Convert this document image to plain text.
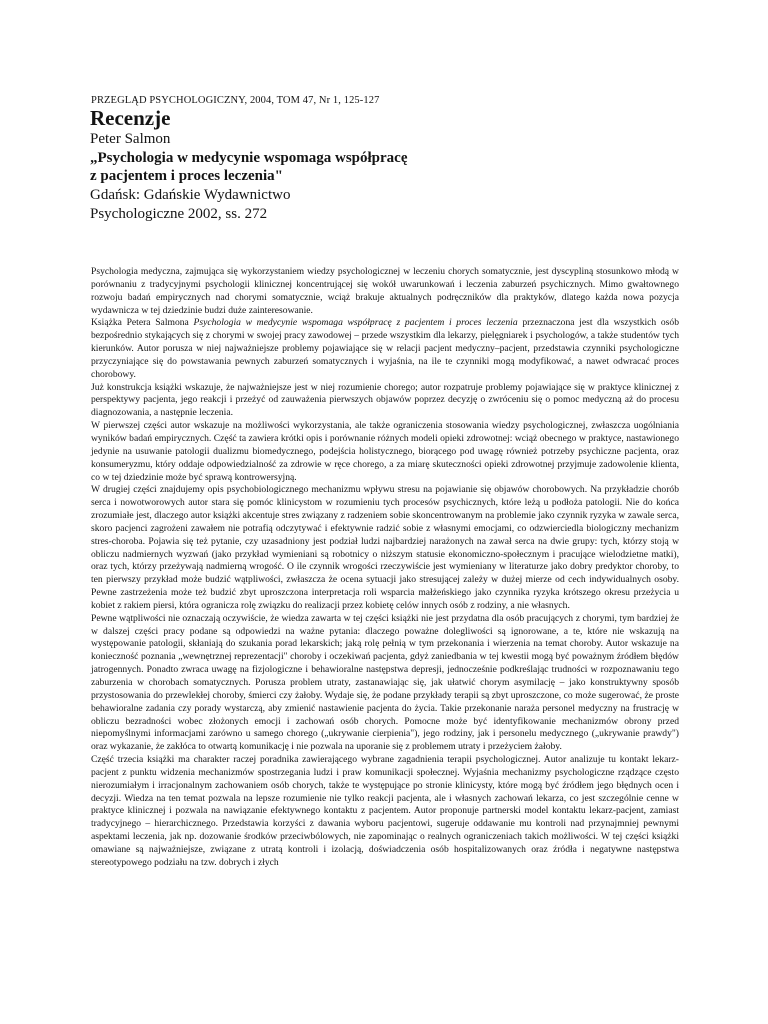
PRZEGLĄD PSYCHOLOGICZNY, 2004, TOM 47, Nr 1, 125-127
Recenzje
Peter Salmon
„Psychologia w medycynie wspomaga współpracę
z pacjentem i proces leczenia"
Gdańsk: Gdańskie Wydawnictwo
Psychologiczne 2002, ss. 272

Psychologia medyczna, zajmująca się wykorzystaniem wiedzy psychologicznej w leczeniu chorych somatycznie, jest dyscypliną stosunkowo młodą w porównaniu z tradycyjnymi psychologii klinicznej koncentrującej się wokół uwarunkowań i leczenia zaburzeń psychicznych. Mimo gwałtownego rozwoju badań empirycznych nad chorymi somatycznie, wciąż brakuje aktualnych podręczników dla praktyków, dlatego każda nowa pozycja wydawnicza w tej dziedzinie budzi duże zainteresowanie.

Książka Petera Salmona Psychologia w medycynie wspomaga współpracę z pacjentem i proces leczenia przeznaczona jest dla wszystkich osób bezpośrednio stykających się z chorymi w swojej pracy zawodowej – przede wszystkim dla lekarzy, pielęgniarek i psychologów, a także studentów tych kierunków. Autor porusza w niej najważniejsze problemy pojawiające się w relacji pacjent medyczny–pacjent, przedstawia czynniki psychologiczne przyczyniające się do powstawania pewnych zaburzeń somatycznych i wyjaśnia, na ile te czynniki mogą modyfikować, a nawet odwracać proces chorobowy.

Już konstrukcja książki wskazuje, że najważniejsze jest w niej rozumienie chorego; autor rozpatruje problemy pojawiające się w praktyce klinicznej z perspektywy pacjenta, jego reakcji i przeżyć od zauważenia pierwszych objawów poprzez decyzję o zwróceniu się o pomoc medyczną aż do procesu diagnozowania, a następnie leczenia.

W pierwszej części autor wskazuje na możliwości wykorzystania, ale także ograniczenia stosowania wiedzy psychologicznej, zwłaszcza uogólniania wyników badań empirycznych. Część ta zawiera krótki opis i porównanie różnych modeli opieki zdrowotnej: wciąż obecnego w praktyce, nastawionego jedynie na usuwanie patologii dualizmu biomedycznego, podejścia holistycznego, biorącego pod uwagę również potrzeby psychiczne pacjenta, oraz konsumeryzmu, który oddaje odpowiedzialność za zdrowie w ręce chorego, a za miarę skuteczności opieki zdrowotnej przyjmuje zadowolenie klienta, co w tej dziedzinie może być sprawą kontrowersyjną.

W drugiej części znajdujemy opis psychobiologicznego mechanizmu wpływu stresu na pojawianie się objawów chorobowych. Na przykładzie chorób serca i nowotworowych autor stara się pomóc klinicystom w rozumieniu tych procesów psychicznych, które leżą u podłoża patologii. Nie do końca zrozumiałe jest, dlaczego autor książki akcentuje stres związany z radzeniem sobie skoncentrowanym na problemie jako czynnik ryzyka w zawale serca, skoro pacjenci zagrożeni zawałem nie potrafią odczytywać i efektywnie radzić sobie z własnymi emocjami, co odzwierciedla biologiczny mechanizm stres-choroba. Pojawia się też pytanie, czy uzasadniony jest podział ludzi najbardziej narażonych na zawał serca na dwie grupy: tych, którzy stoją w obliczu nadmiernych wyzwań (jako przykład wymieniani są robotnicy o niższym statusie ekonomiczno-społecznym i pracujące wielodzietne matki), oraz tych, którzy przeżywają nadmierną wrogość. O ile czynnik wrogości rzeczywiście jest wymieniany w literaturze jako dobry predyktor choroby, to ten pierwszy przykład może budzić wątpliwości, zwłaszcza że ocena sytuacji jako stresującej zależy w dużej mierze od cech indywidualnych osoby. Pewne zastrzeżenia może też budzić zbyt uproszczona interpretacja roli wsparcia małżeńskiego jako czynnika ryzyka krótszego okresu przeżycia u kobiet z rakiem piersi, która ogranicza rolę związku do realizacji przez kobietę celów innych osób z rodziny, a nie własnych.

Pewne wątpliwości nie oznaczają oczywiście, że wiedza zawarta w tej części książki nie jest przydatna dla osób pracujących z chorymi, tym bardziej że w dalszej części pracy podane są odpowiedzi na ważne pytania: dlaczego poważne dolegliwości są ignorowane, a te, które nie wskazują na występowanie patologii, skłaniają do szukania porad lekarskich; jaką rolę pełnią w tym przekonania i wierzenia na temat choroby. Autor wskazuje na konieczność poznania „wewnętrznej reprezentacji" choroby i oczekiwań pacjenta, gdyż zaniedbania w tej kwestii mogą być poważnym źródłem błędów jatrogennych. Ponadto zwraca uwagę na fizjologiczne i behawioralne następstwa depresji, jednocześnie podkreślając trudności w rozpoznawaniu tego zaburzenia w chorobach somatycznych. Porusza problem utraty, zastanawiając się, jak ułatwić chorym asymilację – jako konstruktywny sposób przystosowania do przewlekłej choroby, śmierci czy żałoby. Wydaje się, że podane przykłady terapii są zbyt uproszczone, co może sugerować, że proste behawioralne zadania czy porady wystarczą, aby zmienić nastawienie pacjenta do życia. Takie przekonanie naraża personel medyczny na frustrację w obliczu bezradności wobec złożonych emocji i zachowań osób chorych. Pomocne może być identyfikowanie mechanizmów obrony przed niepomyślnymi informacjami zarówno u samego chorego („ukrywanie cierpienia"), jego rodziny, jak i personelu medycznego („ukrywanie prawdy") oraz wykazanie, że zakłóca to otwartą komunikację i nie pozwala na uporanie się z problemem utraty i przeżyciem żałoby.

Część trzecia książki ma charakter raczej poradnika zawierającego wybrane zagadnienia terapii psychologicznej. Autor analizuje tu kontakt lekarz-pacjent z punktu widzenia mechanizmów spostrzegania ludzi i praw komunikacji społecznej. Wyjaśnia mechanizmy psychologiczne rządzące często nierozumiałym i irracjonalnym zachowaniem osób chorych, także te występujące po stronie klinicysty, które mogą być źródłem jego błędnych ocen i decyzji. Wiedza na ten temat pozwala na lepsze rozumienie nie tylko reakcji pacjenta, ale i własnych zachowań lekarza, co jest szczególnie cenne w praktyce klinicznej i pozwala na nawiązanie efektywnego kontaktu z pacjentem. Autor proponuje partnerski model kontaktu lekarz-pacjent, zamiast tradycyjnego – hierarchicznego. Przedstawia korzyści z dawania wyboru pacjentowi, sugeruje oddawanie mu kontroli nad przynajmniej pewnymi aspektami leczenia, jak np. dozowanie środków przeciwbólowych, nie zapominając o realnych ograniczeniach takich możliwości. W tej części książki omawiane są najważniejsze, związane z utratą kontroli i izolacją, doświadczenia osób hospitalizowanych oraz źródła i negatywne następstwa stereotypowego podziału na tzw. dobrych i złych
